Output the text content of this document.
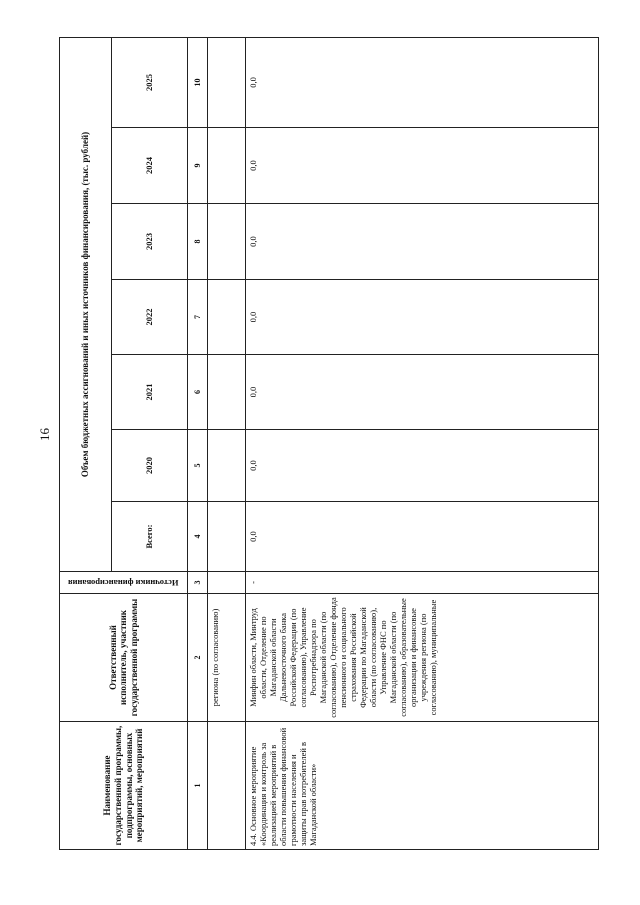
16
Наименование государственной программы, подпрограммы, основных мероприятий, мероприятий	Ответственный исполнитель, участник государственной программы	Источники финансирования	Объем бюджетных ассигнований и иных источников финансирования, (тыс. рублей)						
			Всего:	2020	2021	2022	2023	2024	2025
1	2	3	4	5	6	7	8	9	10
	региона (по согласованию)								
4.4. Основное мероприятие «Координация и контроль за реализацией мероприятий в области повышения финансовой грамотности населения и защиты прав потребителей в Магаданской области»	Минфин области, Минтруд области, Отделение по Магаданской области Дальневосточного банка Российской Федерации (по согласованию), Управление Роспотребнадзора по Магаданской области (по согласованию), Отделение фонда пенсионного и социального страхования Российской Федерации по Магаданской области (по согласованию), Управление ФНС по Магаданской области (по согласованию), образовательные организации и финансовые учреждения региона (по согласованию), муниципальные	-	0,0	0,0	0,0	0,0	0,0	0,0	0,0
